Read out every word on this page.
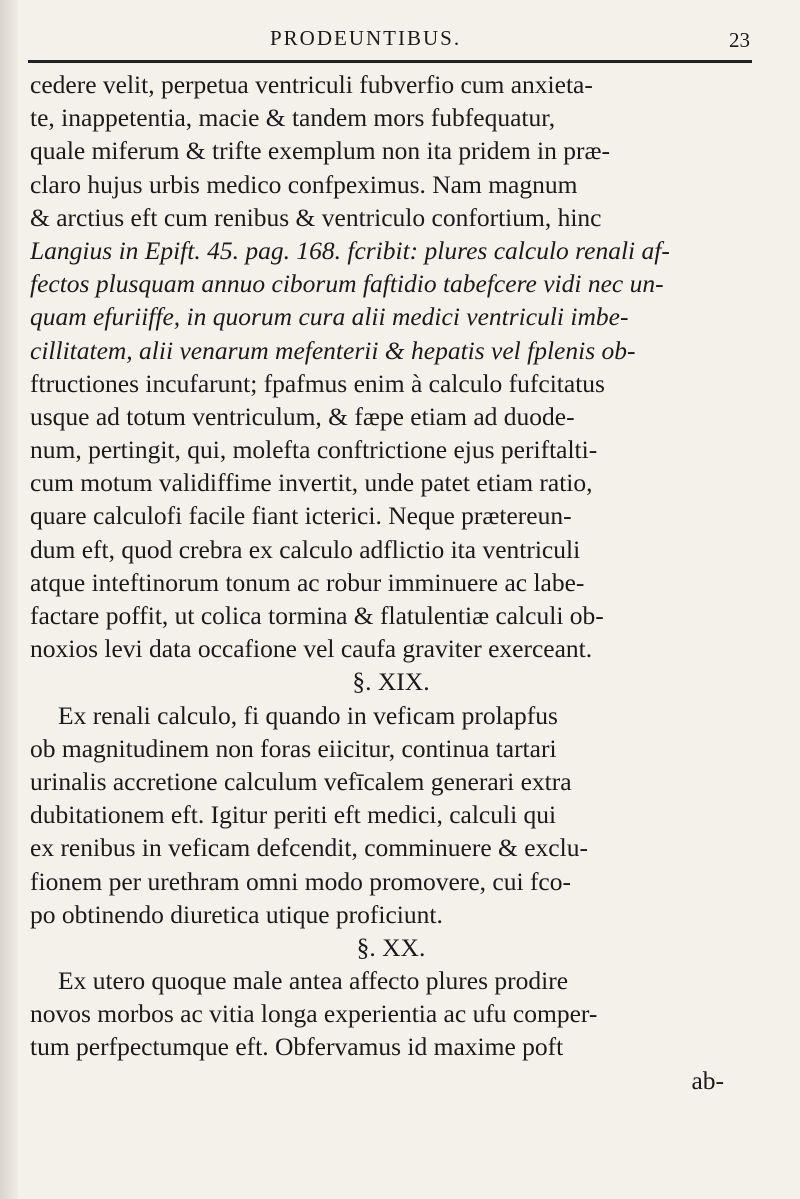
PRODEUNTIBUS.	23
cedere velit, perpetua ventriculi fubverfio cum anxieta-
te, inappetentia, macie & tandem mors fubfequatur,
quale miferum & trifte exemplum non ita pridem in præ-
claro hujus urbis medico confpeximus. Nam magnum
& arctius eft cum renibus & ventriculo confortium, hinc
Langius in Epift. 45. pag. 168. fcribit: plures calculo renali af-
fectos plusquam annuo ciborum faftidio tabefcere vidi nec un-
quam efuriiffe, in quorum cura alii medici ventriculi imbe-
cillitatem, alii venarum mefenterii & hepatis vel fplenis ob-
ftructiones incufarunt; fpafmus enim à calculo fufcitatus
usque ad totum ventriculum, & fæpe etiam ad duode-
num, pertingit, qui, molefta conftrictione ejus periftalti-
cum motum validiffime invertit, unde patet etiam ratio,
quare calculofi facile fiant icterici. Neque prætereun-
dum eft, quod crebra ex calculo adflictio ita ventriculi
atque inteftinorum tonum ac robur imminuere ac labe-
factare poffit, ut colica tormina & flatulentiæ calculi ob-
noxios levi data occafione vel caufa graviter exerceant.
§. XIX.
Ex renali calculo, fi quando in veficam prolapfus
ob magnitudinem non foras eiicitur, continua tartari
urinalis accretione calculum vefīcalem generari extra
dubitationem eft. Igitur periti eft medici, calculi qui
ex renibus in veficam defcendit, comminuere & exclu-
fionem per urethram omni modo promovere, cui fco-
po obtinendo diuretica utique proficiunt.
§. XX.
Ex utero quoque male antea affecto plures prodire
novos morbos ac vitia longa experientia ac ufu comper-
tum perfpectumque eft. Obfervamus id maxime poft
ab-
